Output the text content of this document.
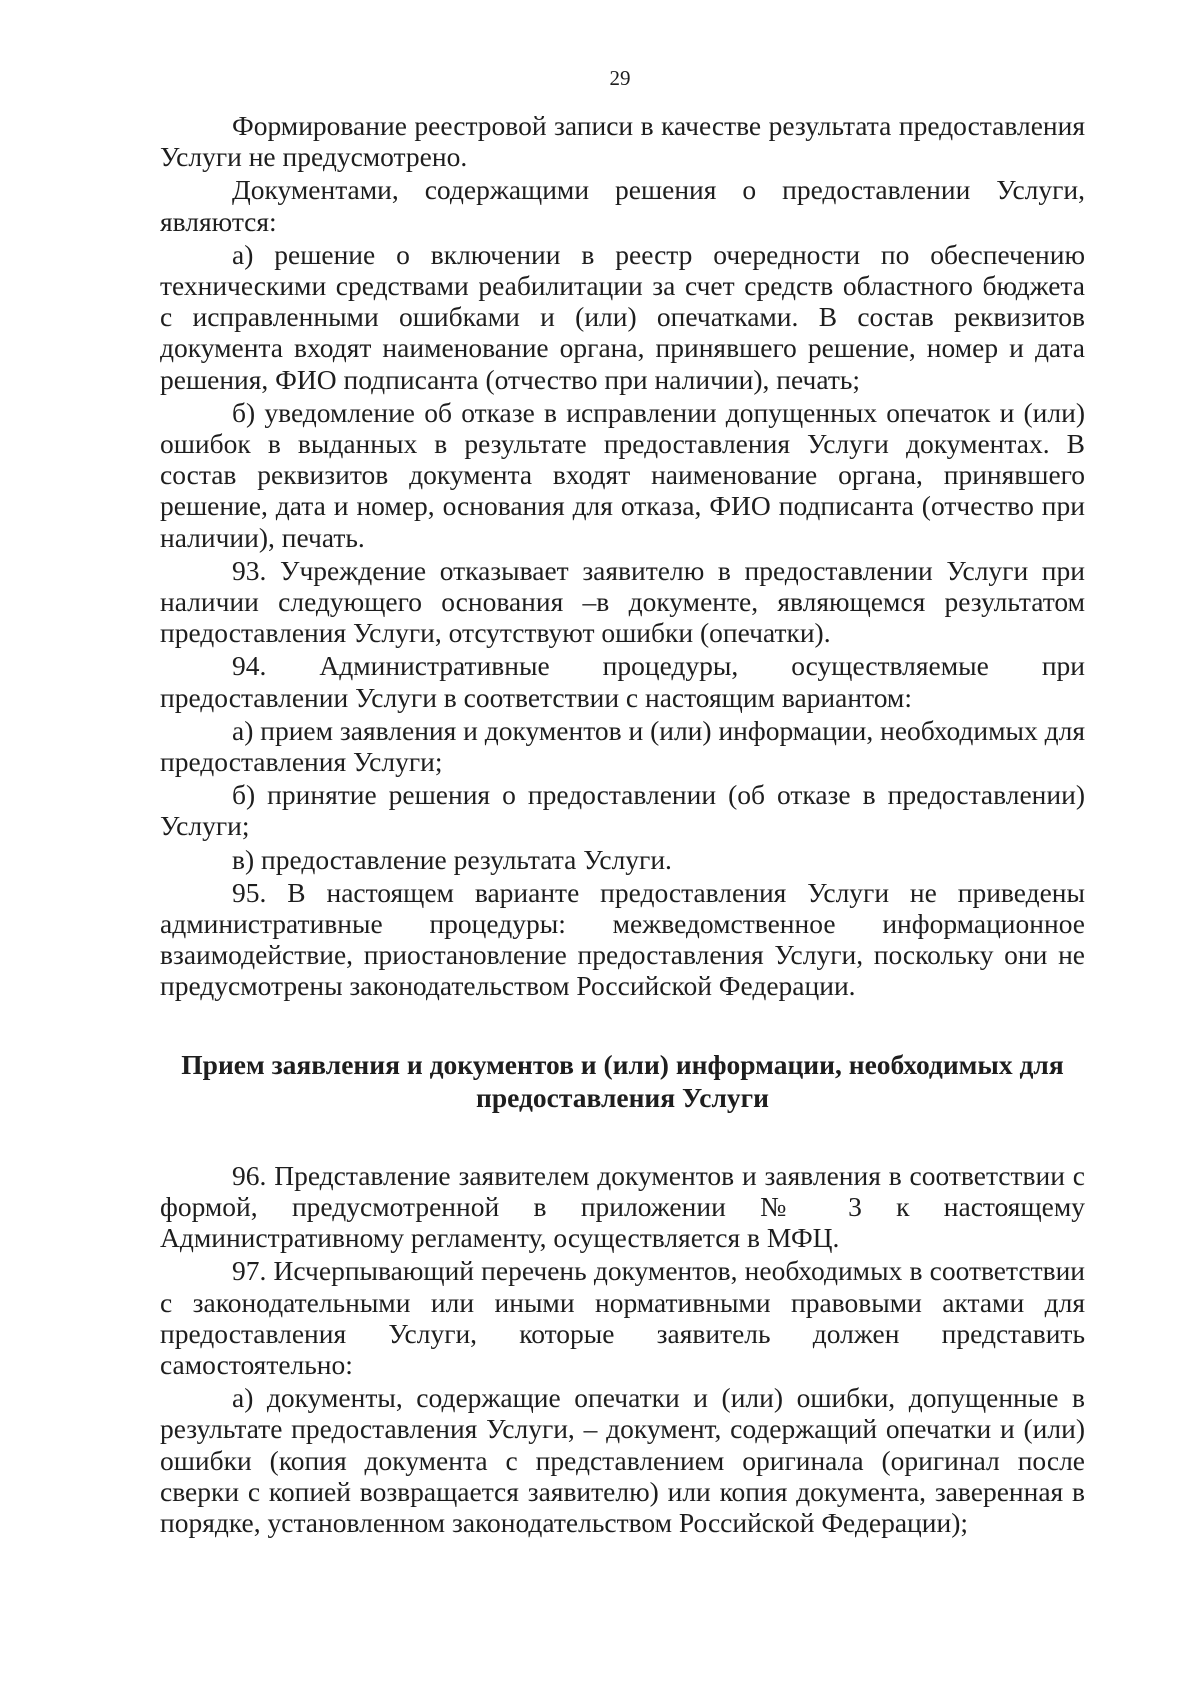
29

Формирование реестровой записи в качестве результата предоставления Услуги не предусмотрено.

Документами, содержащими решения о предоставлении Услуги, являются:

а) решение о включении в реестр очередности по обеспечению техническими средствами реабилитации за счет средств областного бюджета с исправленными ошибками и (или) опечатками. В состав реквизитов документа входят наименование органа, принявшего решение, номер и дата решения, ФИО подписанта (отчество при наличии), печать;

б) уведомление об отказе в исправлении допущенных опечаток и (или) ошибок в выданных в результате предоставления Услуги документах. В состав реквизитов документа входят наименование органа, принявшего решение, дата и номер, основания для отказа, ФИО подписанта (отчество при наличии), печать.

93. Учреждение отказывает заявителю в предоставлении Услуги при наличии следующего основания –в документе, являющемся результатом предоставления Услуги, отсутствуют ошибки (опечатки).

94. Административные процедуры, осуществляемые при предоставлении Услуги в соответствии с настоящим вариантом:

а) прием заявления и документов и (или) информации, необходимых для предоставления Услуги;

б) принятие решения о предоставлении (об отказе в предоставлении) Услуги;

в) предоставление результата Услуги.

95. В настоящем варианте предоставления Услуги не приведены административные процедуры: межведомственное информационное взаимодействие, приостановление предоставления Услуги, поскольку они не предусмотрены законодательством Российской Федерации.

Прием заявления и документов и (или) информации, необходимых для
предоставления Услуги

96. Представление заявителем документов и заявления в соответствии с формой, предусмотренной в приложении № 3 к настоящему Административному регламенту, осуществляется в МФЦ.

97. Исчерпывающий перечень документов, необходимых в соответствии с законодательными или иными нормативными правовыми актами для предоставления Услуги, которые заявитель должен представить самостоятельно:

а) документы, содержащие опечатки и (или) ошибки, допущенные в результате предоставления Услуги, – документ, содержащий опечатки и (или) ошибки (копия документа с представлением оригинала (оригинал после сверки с копией возвращается заявителю) или копия документа, заверенная в порядке, установленном законодательством Российской Федерации);
